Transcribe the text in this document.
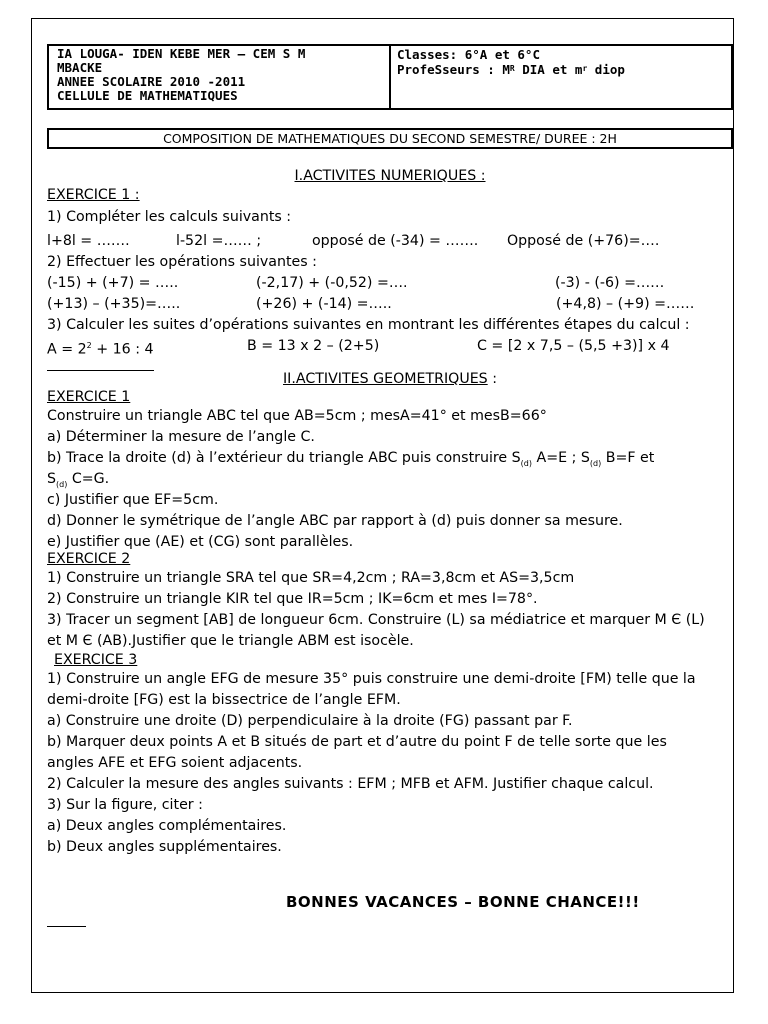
IA LOUGA- IDEN KEBE MER – CEM S M
MBACKE
ANNEE SCOLAIRE 2010 -2011
CELLULE DE MATHEMATIQUES
Classes: 6°A et 6°C
ProfeSseurs : $M^R$ DIA et $m^r$ diop
COMPOSITION DE MATHEMATIQUES DU SECOND SEMESTRE/ DUREE : 2H
I.ACTIVITES NUMERIQUES :
EXERCICE 1 :
1) Compléter les calculs suivants :
l+8l = …….	l-52l =…… ;	opposé de (-34) = ……. Opposé de (+76)=….
2) Effectuer les opérations suivantes :
(-15) + (+7) = …..	(-2,17) + (-0,52) =….	(-3) - (-6) =……
(+13) – (+35)=…..	(+26) + (-14) =…..	(+4,8) – (+9) =……
3) Calculer les suites d’opérations suivantes en montrant les différentes étapes du calcul :
$A = 2^2 + 16$ : 4	B = 13 x 2 – (2+5)	C = [2 x 7,5 – (5,5 +3)] x 4
II.ACTIVITES GEOMETRIQUES :
EXERCICE 1
Construire un triangle ABC tel que AB=5cm ; mesA=41° et mesB=66°
a) Déterminer la mesure de l’angle C.
b) Trace la droite (d) à l’extérieur du triangle ABC puis construire $S_{(d)}$ A=E ; $S_{(d)}$ B=F et
$S_{(d)}$ C=G.
c) Justifier que EF=5cm.
d) Donner le symétrique de l’angle ABC par rapport à (d) puis donner sa mesure.
e) Justifier que (AE) et (CG) sont parallèles.
EXERCICE 2
1) Construire un triangle SRA tel que SR=4,2cm ; RA=3,8cm et AS=3,5cm
2) Construire un triangle KIR tel que IR=5cm ; IK=6cm et mes I=78°.
3) Tracer un segment [AB] de longueur 6cm. Construire (L) sa médiatrice et marquer M Є (L)
et M Є (AB).Justifier que le triangle ABM est isocèle.
EXERCICE 3
1) Construire un angle EFG de mesure 35° puis construire une demi-droite [FM) telle que la
demi-droite [FG) est la bissectrice de l’angle EFM.
a) Construire une droite (D) perpendiculaire à la droite (FG) passant par F.
b) Marquer deux points A et B situés de part et d’autre du point F de telle sorte que les
angles AFE et EFG soient adjacents.
2) Calculer la mesure des angles suivants : EFM ; MFB et AFM. Justifier chaque calcul.
3) Sur la figure, citer :
a) Deux angles complémentaires.
b) Deux angles supplémentaires.
BONNES VACANCES – BONNE CHANCE!!!
